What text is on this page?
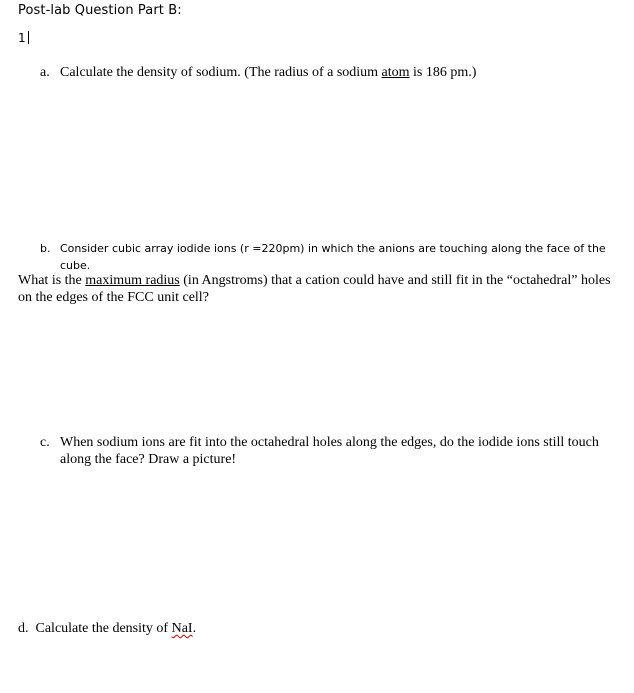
Post-lab Question Part B:
1
a. Calculate the density of sodium. (The radius of a sodium atom is 186 pm.)
b. Consider cubic array iodide ions (r =220pm) in which the anions are touching along the face of the
cube.
What is the maximum radius (in Angstroms) that a cation could have and still fit in the “octahedral” holes
on the edges of the FCC unit cell?
c. When sodium ions are fit into the octahedral holes along the edges, do the iodide ions still touch
along the face? Draw a picture!
d. Calculate the density of NaI.
